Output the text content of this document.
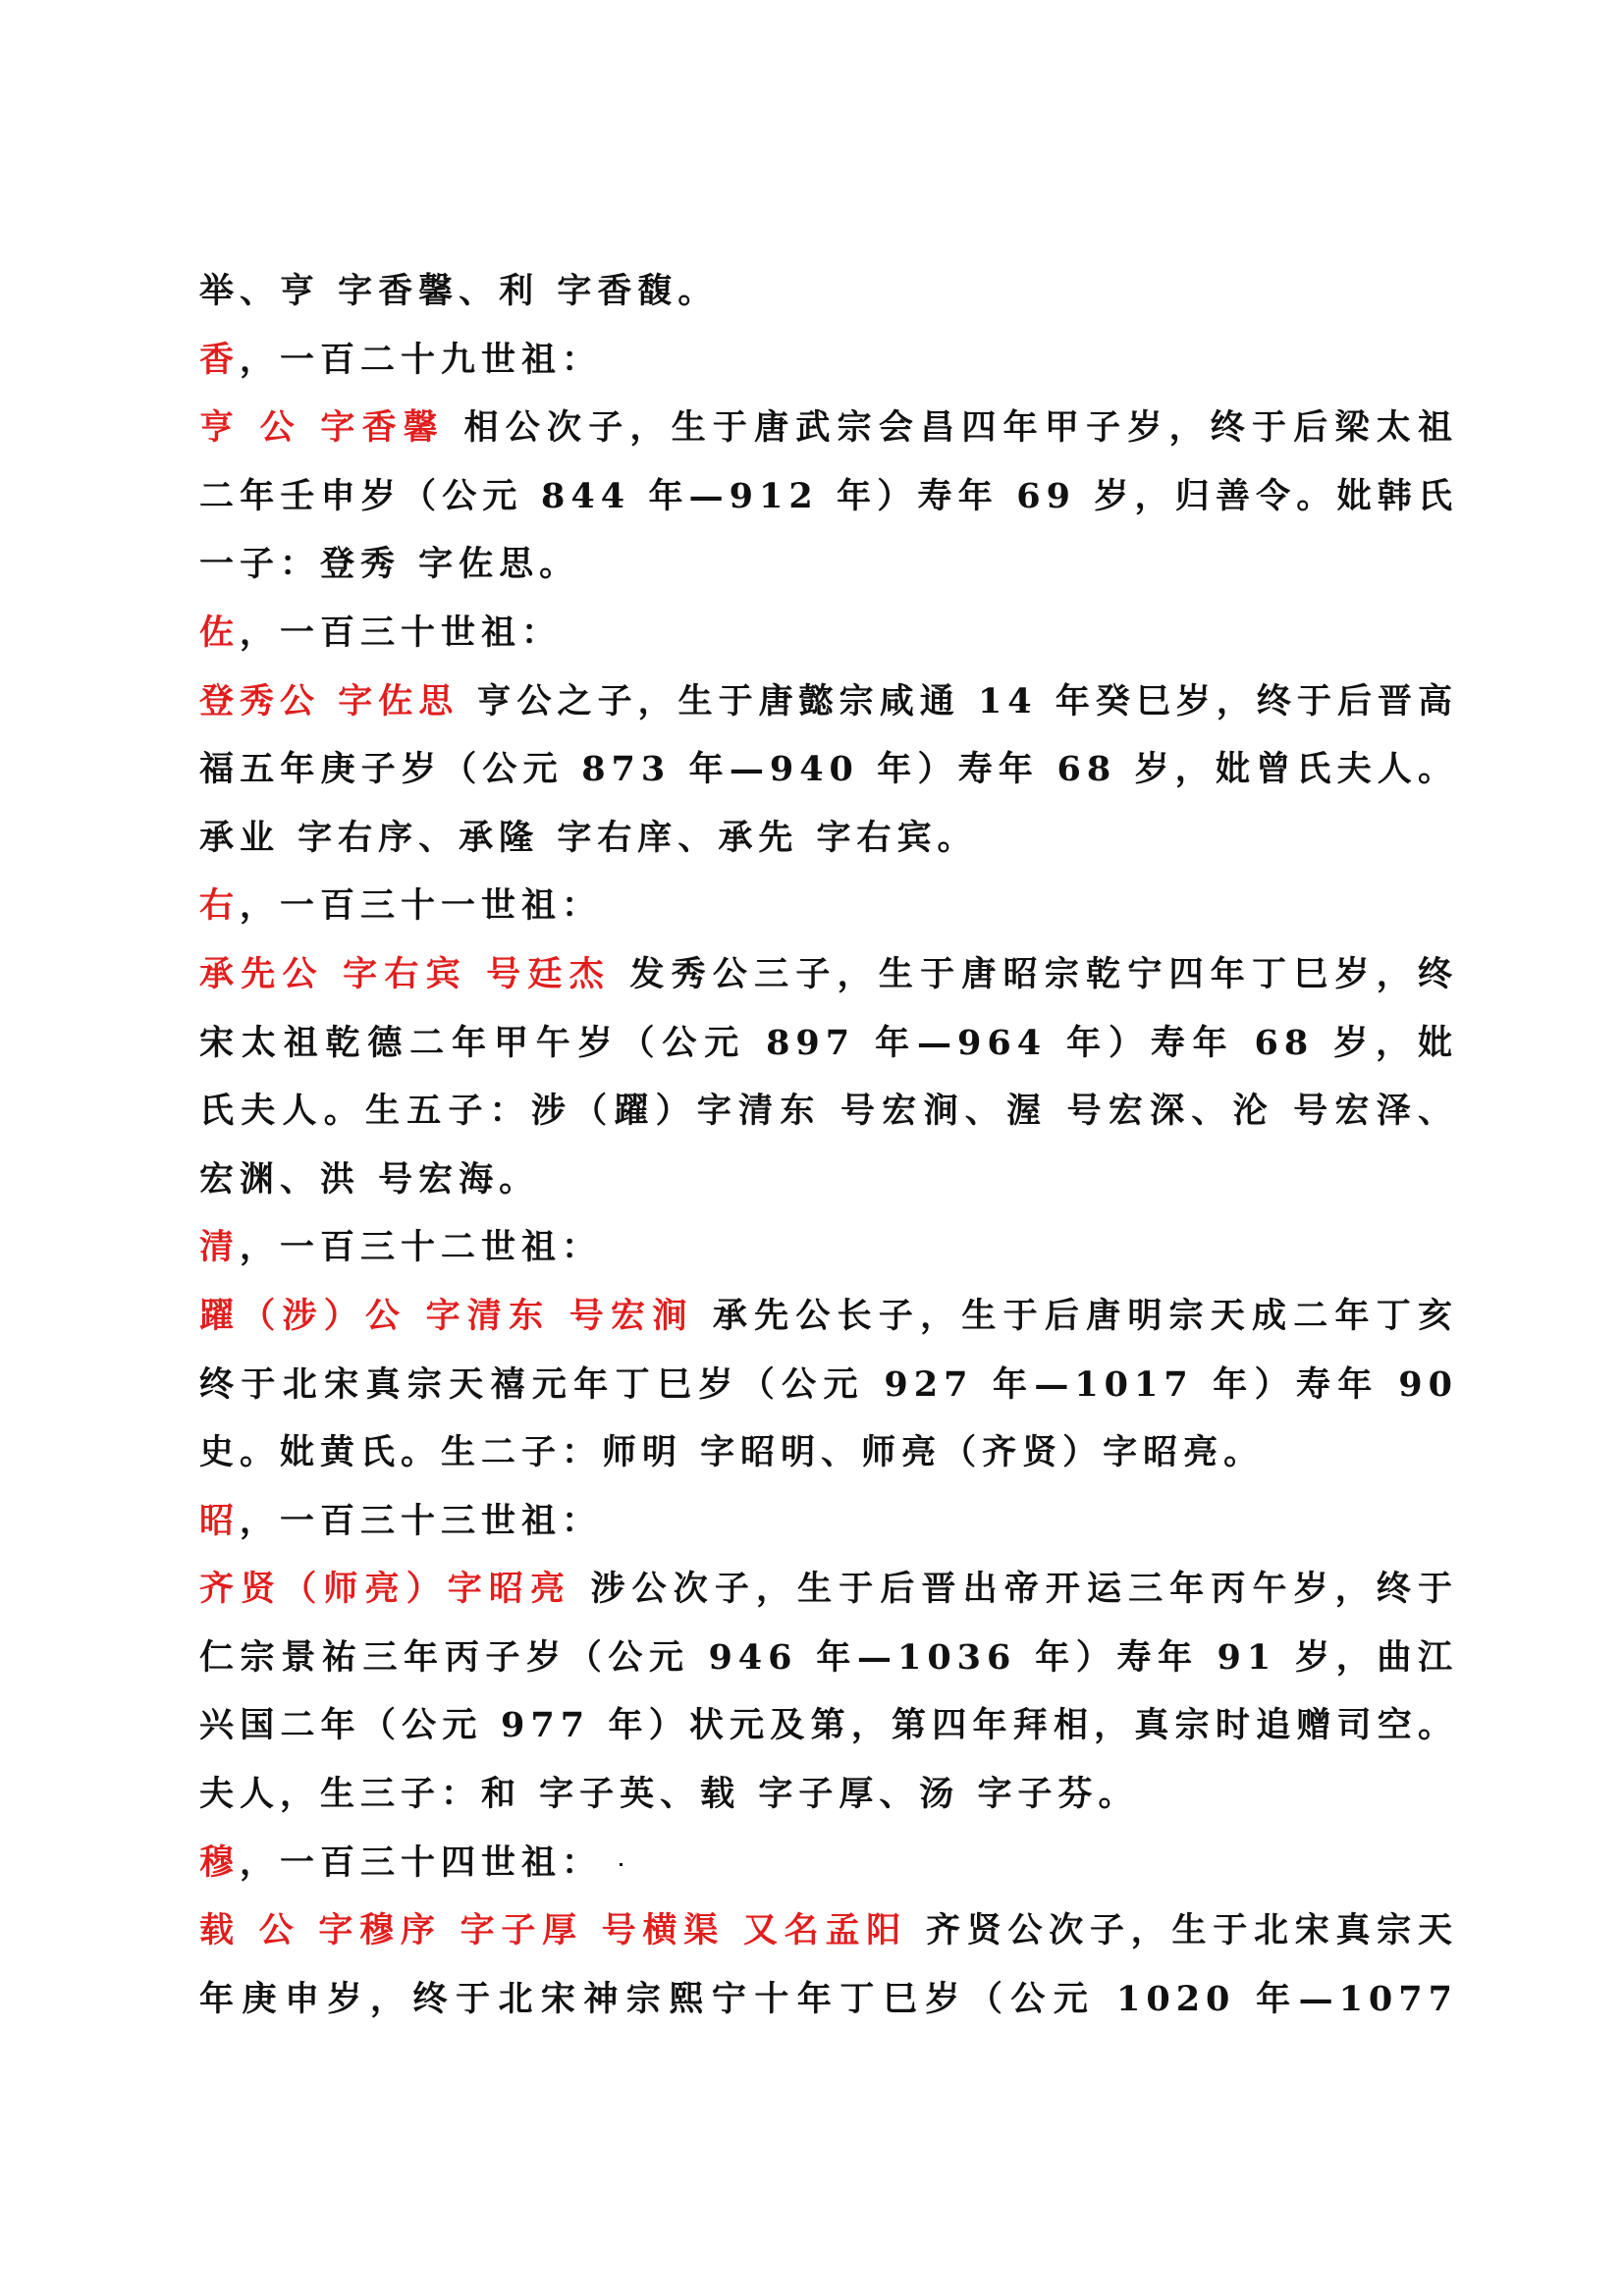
举、亨 字香馨、利 字香馥。
香，一百二十九世祖：
亨 公 字香馨 相公次子，生于唐武宗会昌四年甲子岁，终于后梁太祖
二年壬申岁（公元 844 年—912 年）寿年 69 岁，归善令。妣韩氏
一子：登秀 字佐思。
佐，一百三十世祖：
登秀公 字佐思 亨公之子，生于唐懿宗咸通 14 年癸巳岁，终于后晋高
福五年庚子岁（公元 873 年—940 年）寿年 68 岁，妣曾氏夫人。
承业 字右序、承隆 字右庠、承先 字右宾。
右，一百三十一世祖：
承先公 字右宾 号廷杰 发秀公三子，生于唐昭宗乾宁四年丁巳岁，终
宋太祖乾德二年甲午岁（公元 897 年—964 年）寿年 68 岁，妣
氏夫人。生五子：涉（躍）字清东 号宏涧、渥 号宏深、沦 号宏泽、
宏渊、洪 号宏海。
清，一百三十二世祖：
躍（涉）公 字清东 号宏涧 承先公长子，生于后唐明宗天成二年丁亥
终于北宋真宗天禧元年丁巳岁（公元 927 年—1017 年）寿年 90
史。妣黄氏。生二子：师明 字昭明、师亮（齐贤）字昭亮。
昭，一百三十三世祖：
齐贤（师亮）字昭亮 涉公次子，生于后晋出帝开运三年丙午岁，终于
仁宗景祐三年丙子岁（公元 946 年—1036 年）寿年 91 岁，曲江
兴国二年（公元 977 年）状元及第，第四年拜相，真宗时追赠司空。
夫人，生三子：和 字子英、载 字子厚、汤 字子芬。
穆，一百三十四世祖：
载 公 字穆序 字子厚 号横渠 又名孟阳 齐贤公次子，生于北宋真宗天
年庚申岁，终于北宋神宗熙宁十年丁巳岁（公元 1020 年—1077
